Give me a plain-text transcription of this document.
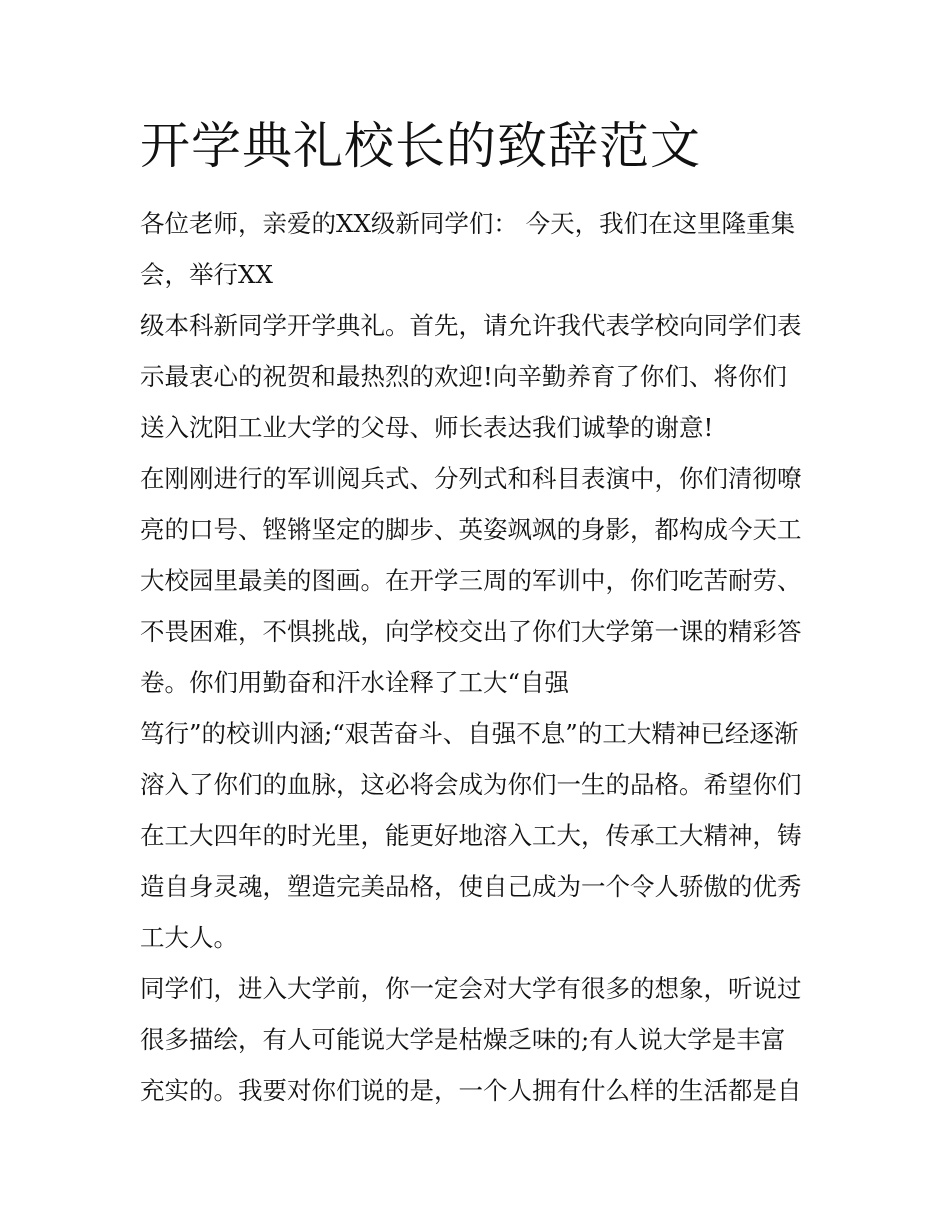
开学典礼校长的致辞范文
各位老师，亲爱的XX级新同学们： 今天，我们在这里隆重集
会，举行XX
级本科新同学开学典礼。首先，请允许我代表学校向同学们表
示最衷心的祝贺和最热烈的欢迎!向辛勤养育了你们、将你们
送入沈阳工业大学的父母、师长表达我们诚挚的谢意!
在刚刚进行的军训阅兵式、分列式和科目表演中，你们清彻嘹
亮的口号、铿锵坚定的脚步、英姿飒飒的身影，都构成今天工
大校园里最美的图画。在开学三周的军训中，你们吃苦耐劳、
不畏困难，不惧挑战，向学校交出了你们大学第一课的精彩答
卷。你们用勤奋和汗水诠释了工大“自强
笃行”的校训内涵;“艰苦奋斗、自强不息”的工大精神已经逐渐
溶入了你们的血脉，这必将会成为你们一生的品格。希望你们
在工大四年的时光里，能更好地溶入工大，传承工大精神，铸
造自身灵魂，塑造完美品格，使自己成为一个令人骄傲的优秀
工大人。
同学们，进入大学前，你一定会对大学有很多的想象，听说过
很多描绘，有人可能说大学是枯燥乏味的;有人说大学是丰富
充实的。我要对你们说的是，一个人拥有什么样的生活都是自
